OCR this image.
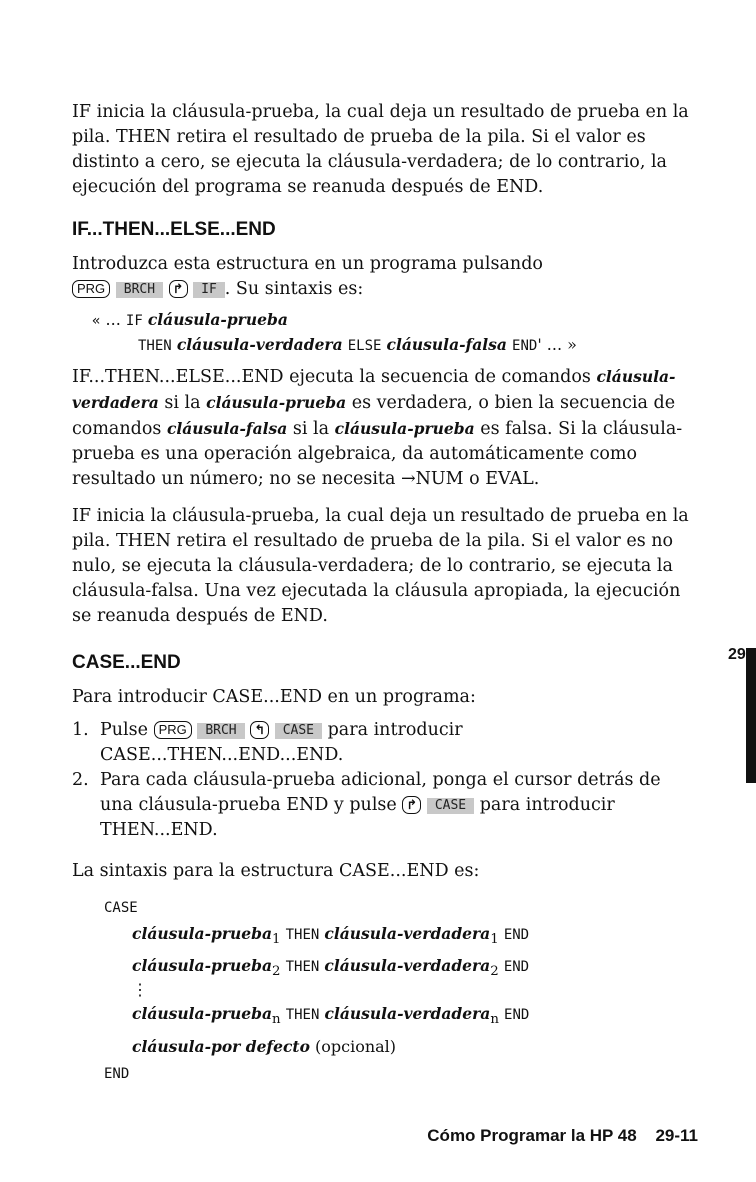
IF inicia la cláusula-prueba, la cual deja un resultado de prueba en la pila. THEN retira el resultado de prueba de la pila. Si el valor es distinto a cero, se ejecuta la cláusula-verdadera; de lo contrario, la ejecución del programa se reanuda después de END.

IF...THEN...ELSE...END

Introduzca esta estructura en un programa pulsando
PRG BRCH ↱ IF . Su sintaxis es:

« ... IF cláusula-prueba
THEN cláusula-verdadera ELSE cláusula-falsa END' ... »

IF...THEN...ELSE...END ejecuta la secuencia de comandos cláusula-verdadera si la cláusula-prueba es verdadera, o bien la secuencia de comandos cláusula-falsa si la cláusula-prueba es falsa. Si la cláusula-prueba es una operación algebraica, da automáticamente como resultado un número; no se necesita →NUM o EVAL.

IF inicia la cláusula-prueba, la cual deja un resultado de prueba en la pila. THEN retira el resultado de prueba de la pila. Si el valor es no nulo, se ejecuta la cláusula-verdadera; de lo contrario, se ejecuta la cláusula-falsa. Una vez ejecutada la cláusula apropiada, la ejecución se reanuda después de END.

CASE...END

Para introducir CASE...END en un programa:

1. Pulse PRG BRCH ↰ CASE para introducir CASE...THEN...END...END.
2. Para cada cláusula-prueba adicional, ponga el cursor detrás de una cláusula-prueba END y pulse ↱ CASE para introducir THEN...END.

La sintaxis para la estructura CASE...END es:

CASE
cláusula-prueba$_1$ THEN cláusula-verdadera$_1$ END
cláusula-prueba$_2$ THEN cláusula-verdadera$_2$ END
⋮
cláusula-prueba$_n$ THEN cláusula-verdadera$_n$ END
cláusula-por defecto (opcional)
END
29
Cómo Programar la HP 48 29-11
